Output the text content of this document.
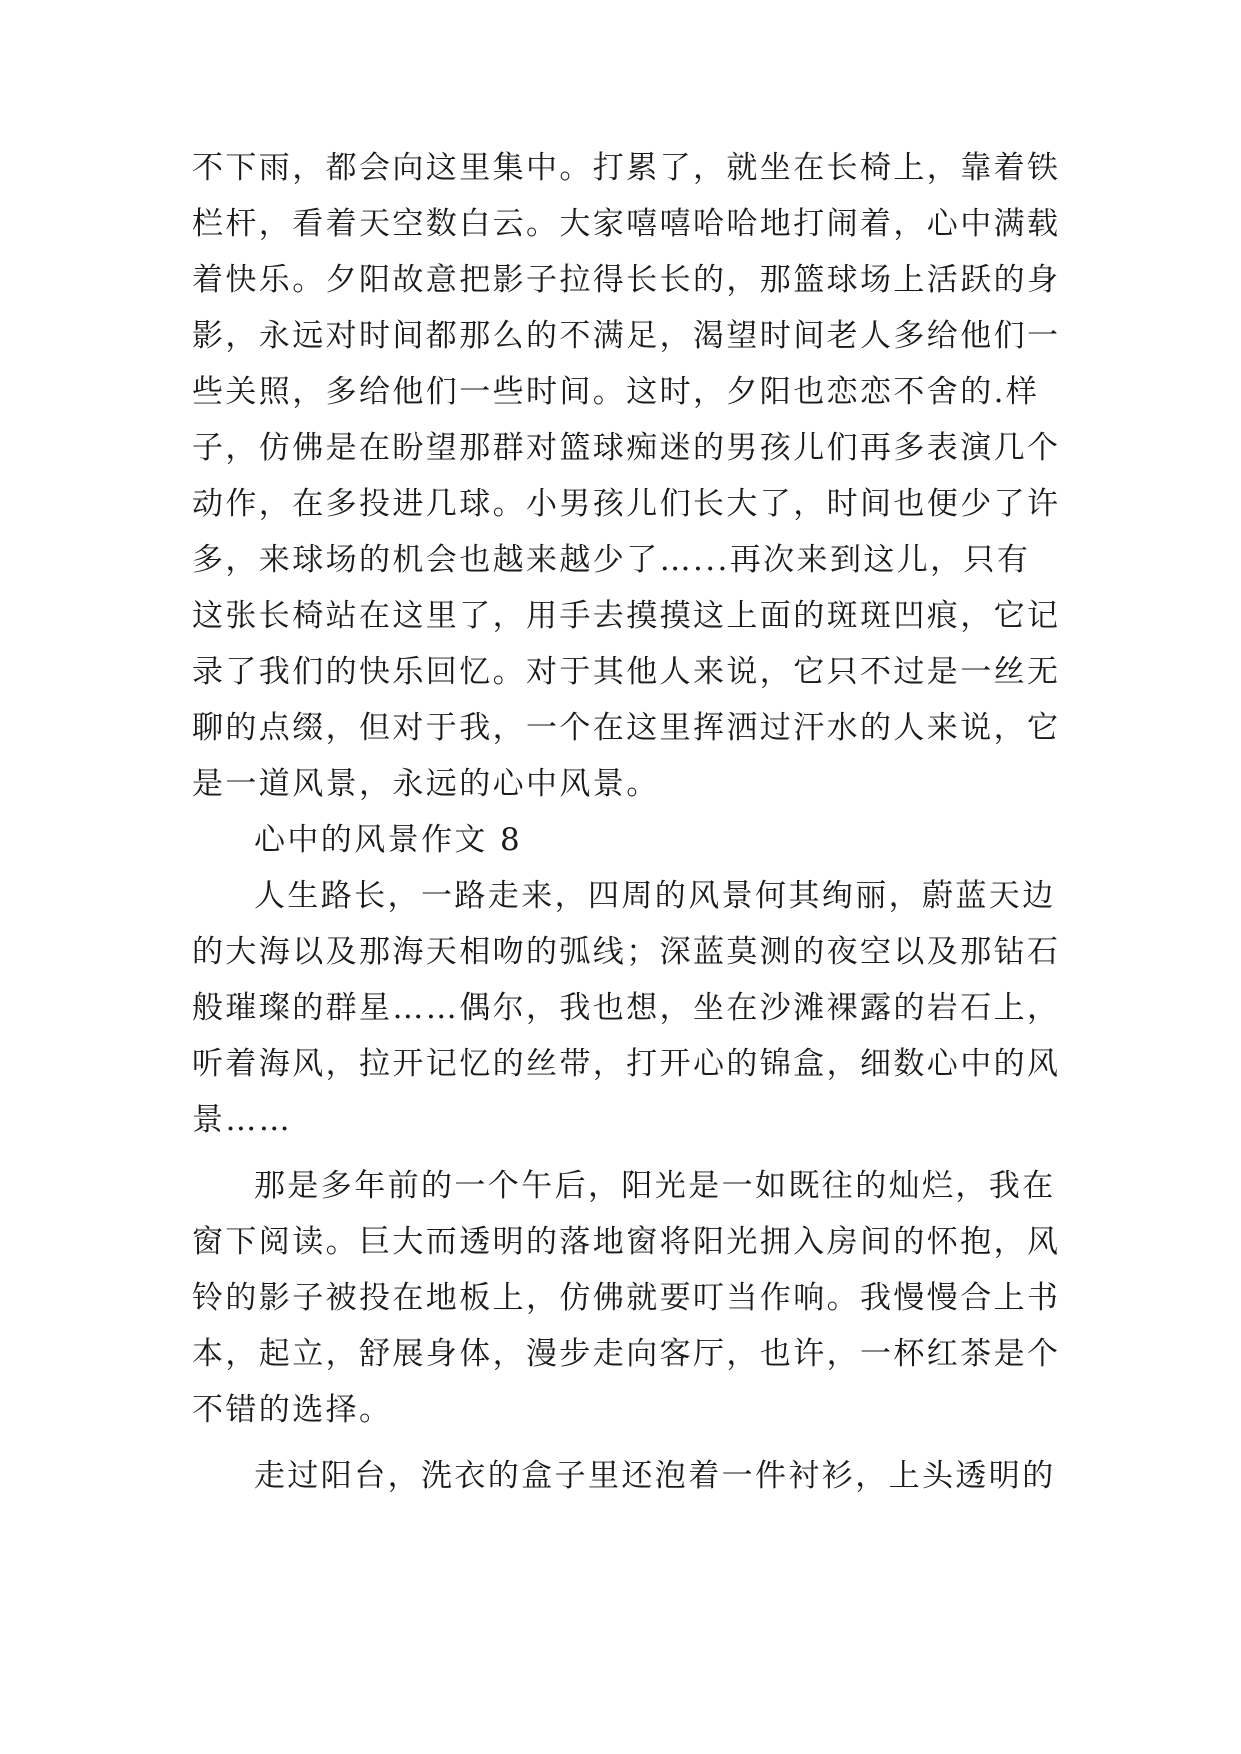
不下雨，都会向这里集中。打累了，就坐在长椅上，靠着铁
栏杆，看着天空数白云。大家嘻嘻哈哈地打闹着，心中满载
着快乐。夕阳故意把影子拉得长长的，那篮球场上活跃的身
影，永远对时间都那么的不满足，渴望时间老人多给他们一
些关照，多给他们一些时间。这时，夕阳也恋恋不舍的.样
子，仿佛是在盼望那群对篮球痴迷的男孩儿们再多表演几个
动作，在多投进几球。小男孩儿们长大了，时间也便少了许
多，来球场的机会也越来越少了…...再次来到这儿，只有
这张长椅站在这里了，用手去摸摸这上面的斑斑凹痕，它记
录了我们的快乐回忆。对于其他人来说，它只不过是一丝无
聊的点缀，但对于我，一个在这里挥洒过汗水的人来说，它
是一道风景，永远的心中风景。
心中的风景作文 8
人生路长，一路走来，四周的风景何其绚丽，蔚蓝天边
的大海以及那海天相吻的弧线；深蓝莫测的夜空以及那钻石
般璀璨的群星……偶尔，我也想，坐在沙滩裸露的岩石上，
听着海风，拉开记忆的丝带，打开心的锦盒，细数心中的风
景……
那是多年前的一个午后，阳光是一如既往的灿烂，我在
窗下阅读。巨大而透明的落地窗将阳光拥入房间的怀抱，风
铃的影子被投在地板上，仿佛就要叮当作响。我慢慢合上书
本，起立，舒展身体，漫步走向客厅，也许，一杯红茶是个
不错的选择。
走过阳台，洗衣的盒子里还泡着一件衬衫，上头透明的
